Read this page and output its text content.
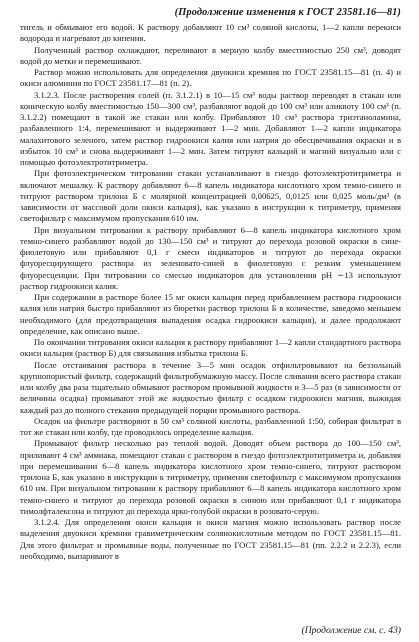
(Продолжение изменения к ГОСТ 23581.16—81)

тигель и обмывают его водой. К раствору добавляют 10 см³ соляной кислоты, 1—2 капли перекиси водорода и нагревают до кипения.

Полученный раствор охлаждают, переливают в мерную колбу вместимостью 250 см³, доводят водой до метки и перемешивают.

Раствор можно использовать для определения двуокиси кремния по ГОСТ 23581.15—81 (п. 4) и окиси алюминия по ГОСТ 23581.17—81 (п. 2).

3.1.2.3. После растворения солей (п. 3.1.2.1) в 10—15 см³ воды раствор переводят в стакан или коническую колбу вместимостью 150—300 см³, разбавляют водой до 100 см³ или аликвоту 100 см³ (п. 3.1.2.2) помещают в такой же стакан или колбу. Прибавляют 10 см³ раствора триэтаноламина, разбавленного 1:4, перемешивают и выдерживают 1—2 мин. Добавляют 1—2 капли индикатора малахитового зеленого, затем раствор гидроокиси калия или натрия до обесцвечивания окраски и в избыток 10 см³ и снова выдерживают 1—2 мин. Затем титруют кальций и магний визуально или с помощью фотоэлектротитриметра.

При фотоэлектрическом титровании стакан устанавливают в гнездо фотоэлектротитриметра и включают мешалку. К раствору добавляют 6—8 капель индикатора кислотного хром темно-синего и титруют раствором трилона Б с молярной концентрацией 0,00625, 0,0125 или 0,025 моль/дм³ (в зависимости от массовой доли окиси кальция), как указано в инструкции к титриметру, применяя светофильтр с максимумом пропускания 610 нм.

При визуальном титровании к раствору прибавляют 6—8 капель индикатора кислотного хром темно-синего разбавляют водой до 130—150 см³ и титруют до перехода розовой окраски в сине-фиолетовую или прибавляют 0,1 г смеси индикаторов и титруют до перехода окраски флуоресцирующего раствора из зеленовато-синей в фиолетовую с резким уменьшением флуоресценции. При титровании со смесью индикаторов для установления pH ∼13 используют раствор гидроокиси калия.

При содержании в растворе более 15 мг окиси кальция перед прибавлением раствора гидроокиси калия или натрия быстро прибавляют из бюретки раствор трилона Б в количестве, заведомо меньшем необходимого (для предотвращения выпадения осадка гидроокиси кальция), и далее продолжают определение, как описано выше.

По окончании титрования окиси кальция к раствору прибавляют 1—2 капли стандартного раствора окиси кальция (раствор Б) для связывания избытка трилона Б.

После отстаивания раствора в течение 3—5 мин осадок отфильтровывают на беззольный крупнопористый фильтр, содержащий фильтробумажную массу. После сливания всего раствора стакан или колбу два раза тщательно обмывают раствором промывной жидкости и 3—5 раз (в зависимости от величины осадка) промывают этой же жидкостью фильтр с осадком гидроокиси магния, выжидая каждый раз до полного стекания предыдущей порции промывного раствора.

Осадок на фильтре растворяют в 50 см³ соляной кислоты, разбавленной 1:50, собирая фильтрат в тот же стакан или колбу, где проводилось определение кальция.

Промывают фильтр несколько раз теплой водой. Доводят объем раствора до 100—150 см³, приливают 4 см³ аммиака, помещают стакан с раствором в гнездо фотоэлектротитриметра и, добавляя при перемешивании 6—8 капель индикатора кислотного хром темно-синего, титруют раствором трилона Б, как указано в инструкции к титриметру, применяя светофильтр с максимумом пропускания 610 нм. При визуальном титровании к раствору прибавляют 6—8 капель индикатора кислотного хром темно-синего и титруют до перехода розовой окраски в синюю или прибавляют 0,1 г индикатора тимолфталексона и титруют до перехода ярко-голубой окраски в розовато-серую.

3.1.2.4. Для определения окиси кальция и окиси магния можно использовать раствор после выделения двуокиси кремния гравиметрическим солянокислотным методом по ГОСТ 23581.15—81. Для этого фильтрат и промывные воды, полученные по ГОСТ 23581.15—81 (пп. 2.2.2 и 2.2.3), если необходимо, выпаривают в

(Продолжение см. с. 43)
